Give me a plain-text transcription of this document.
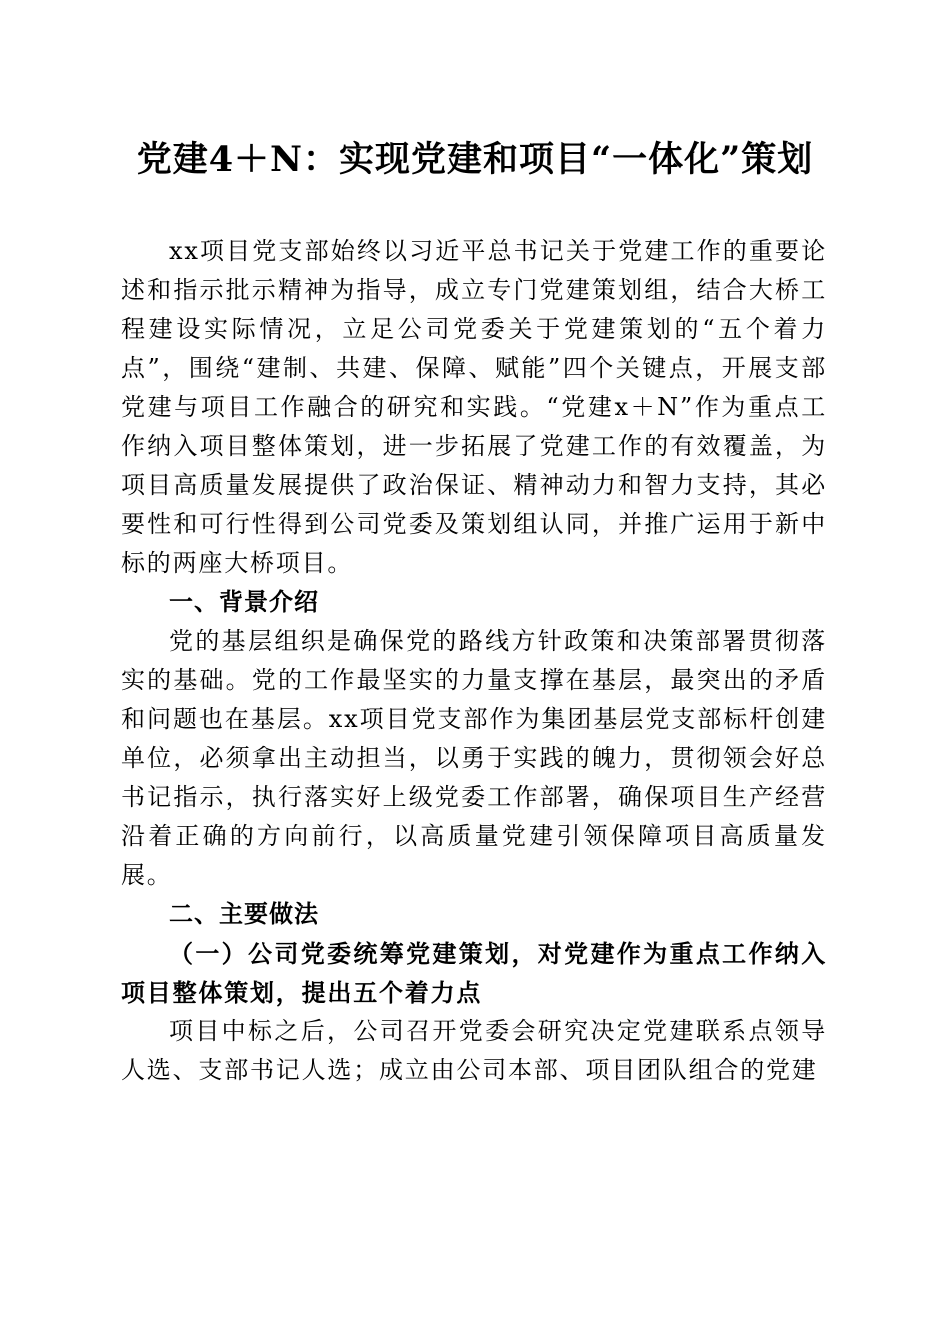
党建4＋N：实现党建和项目“一体化”策划

xx项目党支部始终以习近平总书记关于党建工作的重要论述和指示批示精神为指导，成立专门党建策划组，结合大桥工程建设实际情况，立足公司党委关于党建策划的“五个着力点”，围绕“建制、共建、保障、赋能”四个关键点，开展支部党建与项目工作融合的研究和实践。“党建x＋N”作为重点工作纳入项目整体策划，进一步拓展了党建工作的有效覆盖，为项目高质量发展提供了政治保证、精神动力和智力支持，其必要性和可行性得到公司党委及策划组认同，并推广运用于新中标的两座大桥项目。

一、背景介绍

党的基层组织是确保党的路线方针政策和决策部署贯彻落实的基础。党的工作最坚实的力量支撑在基层，最突出的矛盾和问题也在基层。xx项目党支部作为集团基层党支部标杆创建单位，必须拿出主动担当，以勇于实践的魄力，贯彻领会好总书记指示，执行落实好上级党委工作部署，确保项目生产经营沿着正确的方向前行，以高质量党建引领保障项目高质量发展。

二、主要做法

（一）公司党委统筹党建策划，对党建作为重点工作纳入项目整体策划，提出五个着力点

项目中标之后，公司召开党委会研究决定党建联系点领导人选、支部书记人选；成立由公司本部、项目团队组合的党建
